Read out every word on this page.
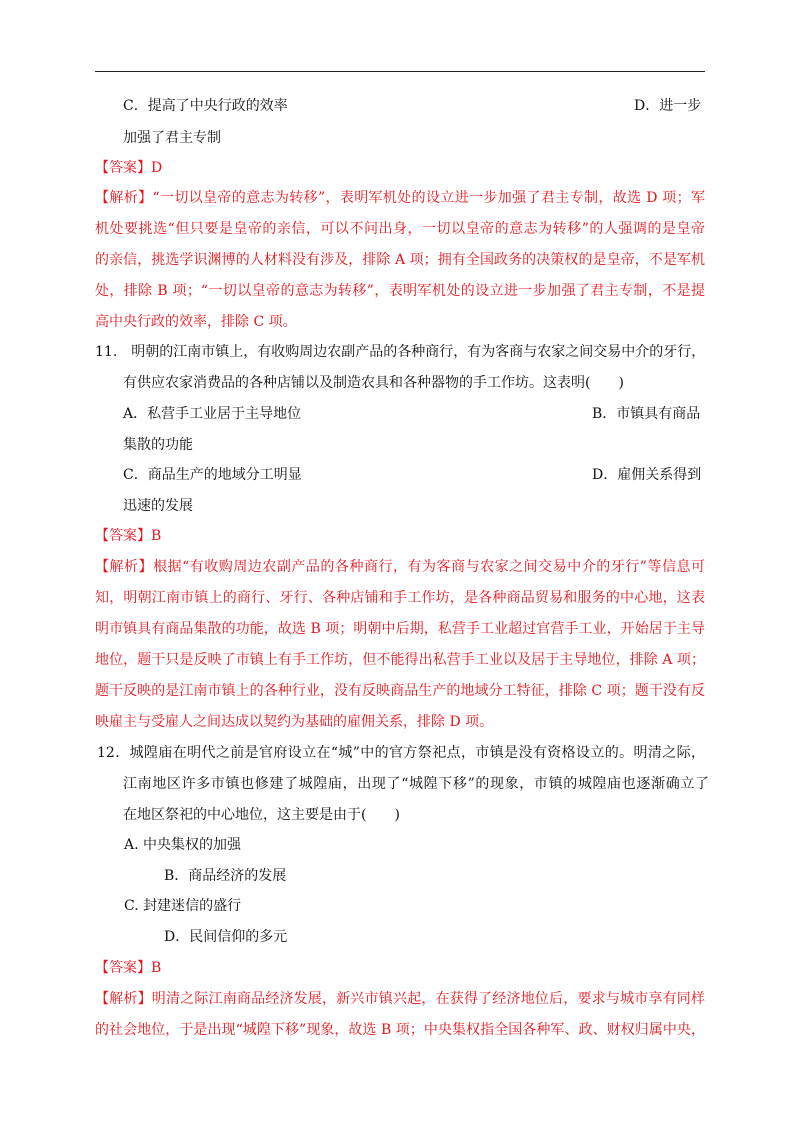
C．提高了中央行政的效率	D．进一步
加强了君主专制
【答案】D
【解析】“一切以皇帝的意志为转移”，表明军机处的设立进一步加强了君主专制，故选 D 项；军
机处要挑选“但只要是皇帝的亲信，可以不问出身，一切以皇帝的意志为转移”的人强调的是皇帝
的亲信，挑选学识渊博的人材料没有涉及，排除 A 项；拥有全国政务的决策权的是皇帝，不是军机
处，排除 B 项；“一切以皇帝的意志为转移”，表明军机处的设立进一步加强了君主专制，不是提
高中央行政的效率，排除 C 项。
11.　明朝的江南市镇上，有收购周边农副产品的各种商行，有为客商与农家之间交易中介的牙行，
有供应农家消费品的各种店铺以及制造农具和各种器物的手工作坊。这表明(　　)
A．私营手工业居于主导地位	B．市镇具有商品
集散的功能
C．商品生产的地域分工明显	D．雇佣关系得到
迅速的发展
【答案】B
【解析】根据“有收购周边农副产品的各种商行，有为客商与农家之间交易中介的牙行”等信息可
知，明朝江南市镇上的商行、牙行、各种店铺和手工作坊，是各种商品贸易和服务的中心地，这表
明市镇具有商品集散的功能，故选 B 项；明朝中后期，私营手工业超过官营手工业，开始居于主导
地位，题干只是反映了市镇上有手工作坊，但不能得出私营手工业以及居于主导地位，排除 A 项；
题干反映的是江南市镇上的各种行业，没有反映商品生产的地域分工特征，排除 C 项；题干没有反
映雇主与受雇人之间达成以契约为基础的雇佣关系，排除 D 项。
12．城隍庙在明代之前是官府设立在“城”中的官方祭祀点，市镇是没有资格设立的。明清之际，
江南地区许多市镇也修建了城隍庙，出现了“城隍下移”的现象，市镇的城隍庙也逐渐确立了
在地区祭祀的中心地位，这主要是由于(　　)
A. 中央集权的加强
B．商品经济的发展
C. 封建迷信的盛行
D．民间信仰的多元
【答案】B
【解析】明清之际江南商品经济发展，新兴市镇兴起，在获得了经济地位后，要求与城市享有同样
的社会地位，于是出现“城隍下移”现象，故选 B 项；中央集权指全国各种军、政、财权归属中央，
